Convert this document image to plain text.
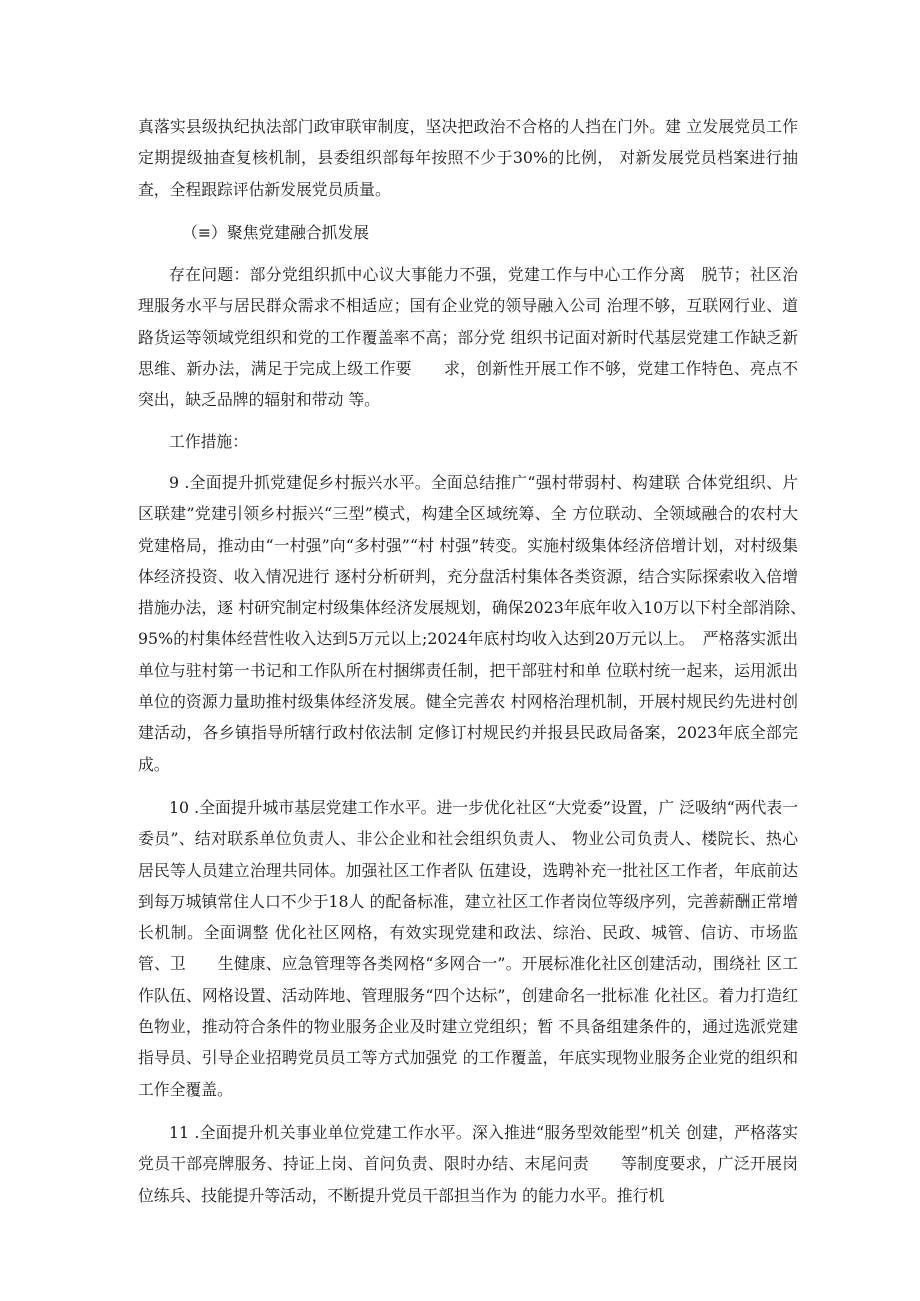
真落实县级执纪执法部门政审联审制度，坚决把政治不合格的人挡在门外。建 立发展党员工作定期提级抽查复核机制，县委组织部每年按照不少于30%的比例， 对新发展党员档案进行抽查，全程跟踪评估新发展党员质量。

（≡）聚焦党建融合抓发展

存在问题：部分党组织抓中心议大事能力不强，党建工作与中心工作分离　脱节；社区治理服务水平与居民群众需求不相适应；国有企业党的领导融入公司 治理不够，互联网行业、道路货运等领域党组织和党的工作覆盖率不高；部分党 组织书记面对新时代基层党建工作缺乏新思维、新办法，满足于完成上级工作要　　求，创新性开展工作不够，党建工作特色、亮点不突出，缺乏品牌的辐射和带动 等。

工作措施：

9 .全面提升抓党建促乡村振兴水平。全面总结推广“强村带弱村、构建联 合体党组织、片区联建”党建引领乡村振兴“三型”模式，构建全区域统筹、全 方位联动、全领域融合的农村大党建格局，推动由“一村强”向“多村强”“村 村强”转变。实施村级集体经济倍增计划，对村级集体经济投资、收入情况进行 逐村分析研判，充分盘活村集体各类资源，结合实际探索收入倍增措施办法，逐 村研究制定村级集体经济发展规划，确保2023年底年收入10万以下村全部消除、　　　95%的村集体经营性收入达到5万元以上;2024年底村均收入达到20万元以上。　严格落实派出单位与驻村第一书记和工作队所在村捆绑责任制，把干部驻村和单 位联村统一起来，运用派出单位的资源力量助推村级集体经济发展。健全完善农 村网格治理机制，开展村规民约先进村创建活动，各乡镇指导所辖行政村依法制 定修订村规民约并报县民政局备案，2023年底全部完成。

10 .全面提升城市基层党建工作水平。进一步优化社区“大党委”设置，广 泛吸纳“两代表一委员”、结对联系单位负责人、非公企业和社会组织负责人、 物业公司负责人、楼院长、热心居民等人员建立治理共同体。加强社区工作者队 伍建设，选聘补充一批社区工作者，年底前达到每万城镇常住人口不少于18人 的配备标准，建立社区工作者岗位等级序列，完善薪酬正常增长机制。全面调整 优化社区网格，有效实现党建和政法、综治、民政、城管、信访、市场监管、卫　　生健康、应急管理等各类网格“多网合一”。开展标准化社区创建活动，围绕社 区工作队伍、网格设置、活动阵地、管理服务“四个达标”，创建命名一批标准 化社区。着力打造红色物业，推动符合条件的物业服务企业及时建立党组织；暂 不具备组建条件的，通过选派党建指导员、引导企业招聘党员员工等方式加强党 的工作覆盖，年底实现物业服务企业党的组织和工作全覆盖。

11 .全面提升机关事业单位党建工作水平。深入推进“服务型效能型”机关 创建，严格落实党员干部亮牌服务、持证上岗、首问负责、限时办结、末尾问责　　等制度要求，广泛开展岗位练兵、技能提升等活动，不断提升党员干部担当作为 的能力水平。推行机
